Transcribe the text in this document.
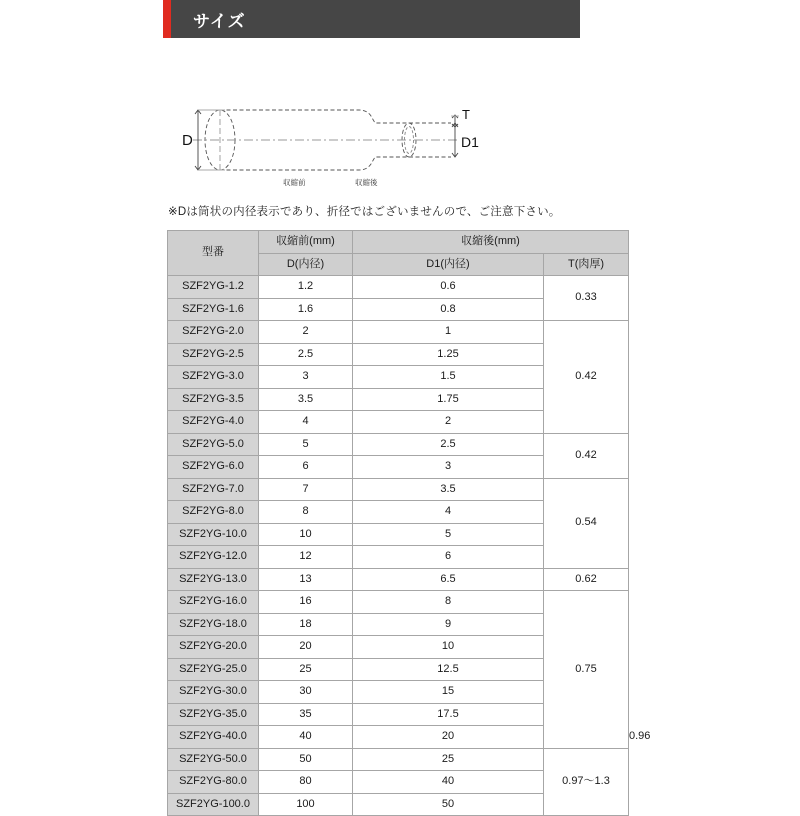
サイズ
D	D1
T
収縮前	収縮後
※Dは筒状の内径表示であり、折径ではございませんので、ご注意下さい。
型番	収縮前(mm)	収縮後(mm)		
	D(内径)	D1(内径)	T(肉厚)	
SZF2YG-1.2	1.2	0.6	0.33	
SZF2YG-1.6	1.6	0.8		
SZF2YG-2.0	2	1	0.42	
SZF2YG-2.5	2.5	1.25		
SZF2YG-3.0	3	1.5		
SZF2YG-3.5	3.5	1.75		
SZF2YG-4.0	4	2		
SZF2YG-5.0	5	2.5	0.42	
SZF2YG-6.0	6	3		
SZF2YG-7.0	7	3.5	0.54	
SZF2YG-8.0	8	4		
SZF2YG-10.0	10	5		
SZF2YG-12.0	12	6		
SZF2YG-13.0	13	6.5	0.62	
SZF2YG-16.0	16	8	0.75	
SZF2YG-18.0	18	9		
SZF2YG-20.0	20	10		
SZF2YG-25.0	25	12.5		
SZF2YG-30.0	30	15		
SZF2YG-35.0	35	17.5		
SZF2YG-40.0	40	20		0.96
SZF2YG-50.0	50	25	0.97〜1.3	
SZF2YG-80.0	80	40		
SZF2YG-100.0	100	50		
